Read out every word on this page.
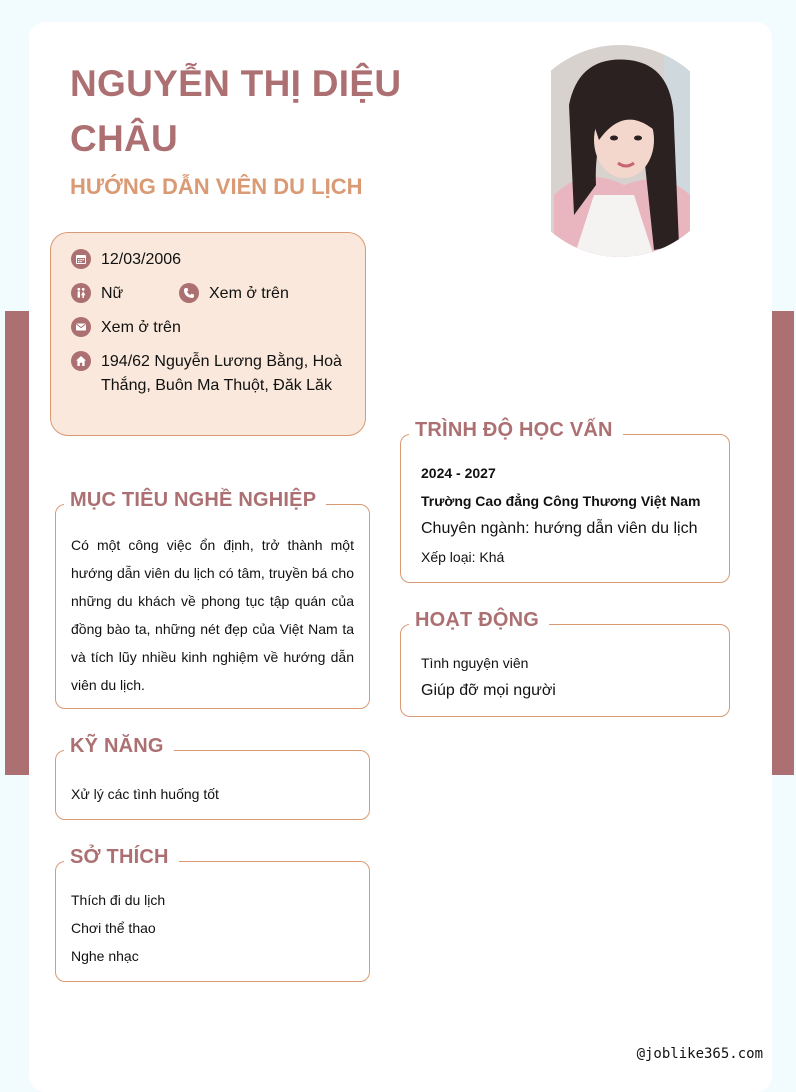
NGUYỄN THỊ DIỆU CHÂU
HƯỚNG DẪN VIÊN DU LỊCH
12/03/2006
Nữ	Xem ở trên
Xem ở trên
194/62 Nguyễn Lương Bằng, Hoà Thắng, Buôn Ma Thuột, Đăk Lăk
MỤC TIÊU NGHỀ NGHIỆP
Có một công việc ổn định, trở thành một hướng dẫn viên du lịch có tâm, truyền bá cho những du khách về phong tục tập quán của đồng bào ta, những nét đẹp của Việt Nam ta và tích lũy nhiều kinh nghiệm về hướng dẫn viên du lịch.
KỸ NĂNG
Xử lý các tình huống tốt
SỞ THÍCH
Thích đi du lịch
Chơi thể thao
Nghe nhạc
TRÌNH ĐỘ HỌC VẤN
2024 - 2027
Trường Cao đẳng Công Thương Việt Nam
Chuyên ngành: hướng dẫn viên du lịch
Xếp loại: Khá
HOẠT ĐỘNG
Tình nguyện viên
Giúp đỡ mọi người
@joblike365.com
